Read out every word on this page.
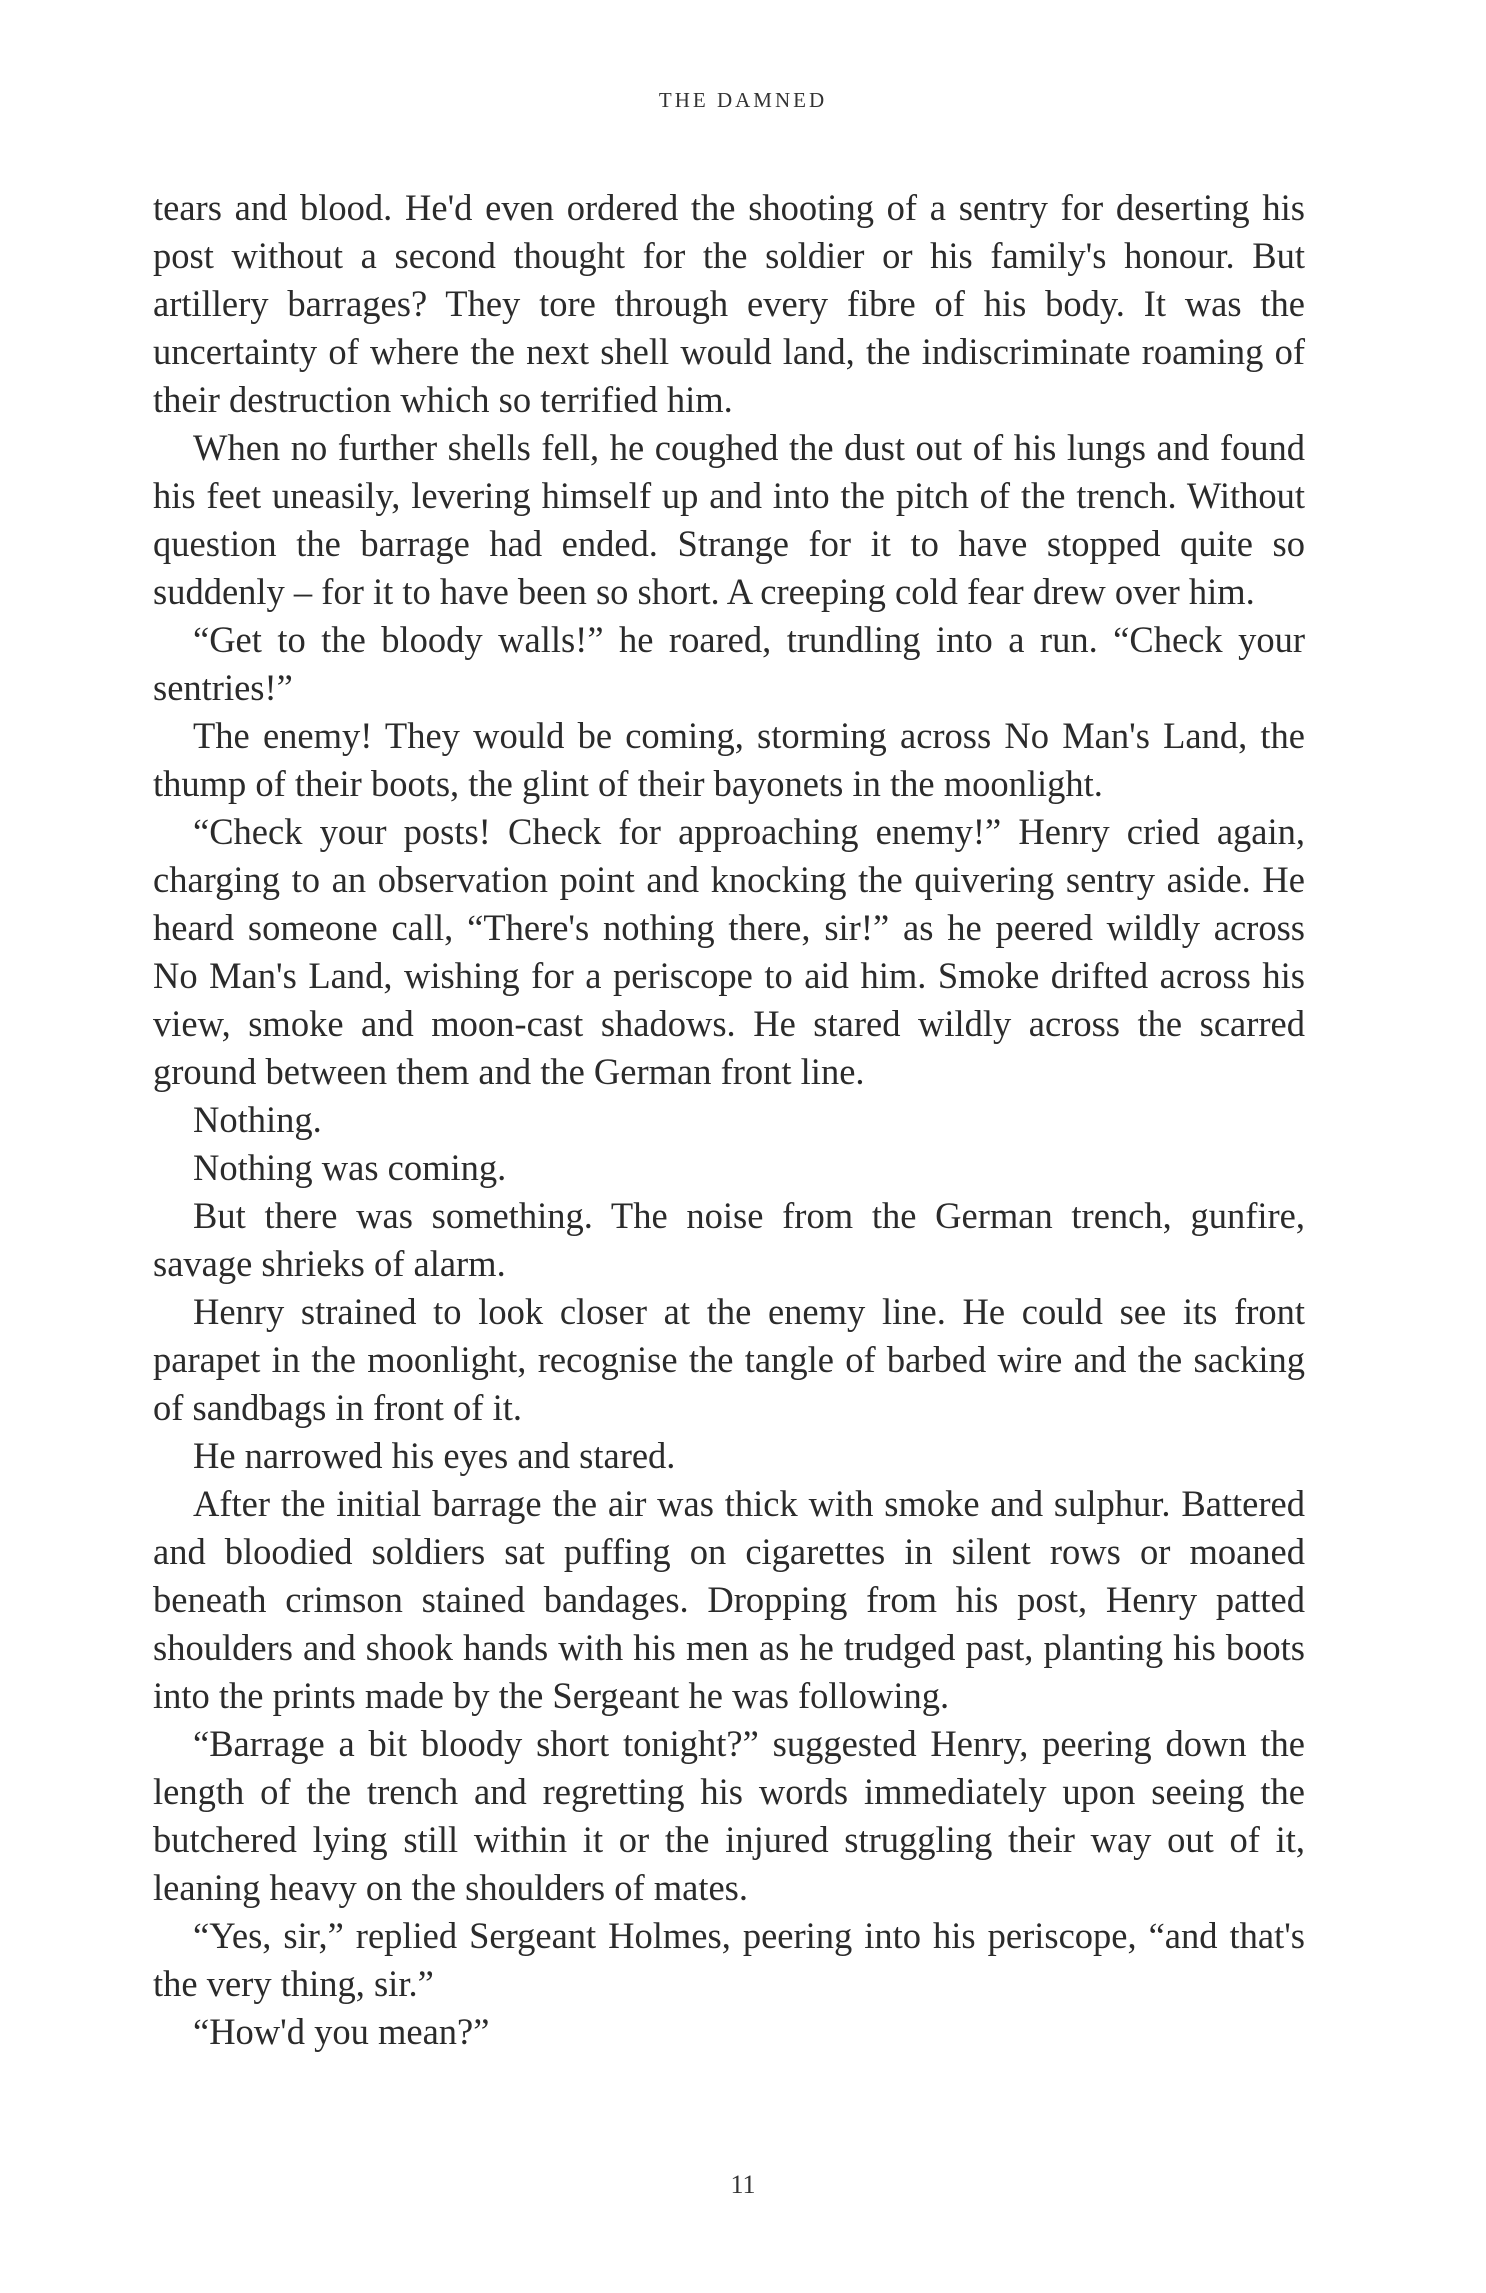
THE DAMNED

tears and blood. He'd even ordered the shooting of a sentry for deserting his post without a second thought for the soldier or his family's honour. But artillery barrages? They tore through every fibre of his body. It was the uncertainty of where the next shell would land, the indiscriminate roaming of their destruction which so terrified him.

When no further shells fell, he coughed the dust out of his lungs and found his feet uneasily, levering himself up and into the pitch of the trench. Without question the barrage had ended. Strange for it to have stopped quite so suddenly – for it to have been so short. A creeping cold fear drew over him.

“Get to the bloody walls!” he roared, trundling into a run. “Check your sentries!”

The enemy! They would be coming, storming across No Man's Land, the thump of their boots, the glint of their bayonets in the moonlight.

“Check your posts! Check for approaching enemy!” Henry cried again, charging to an observation point and knocking the quivering sentry aside. He heard someone call, “There's nothing there, sir!” as he peered wildly across No Man's Land, wishing for a periscope to aid him. Smoke drifted across his view, smoke and moon-cast shadows. He stared wildly across the scarred ground between them and the German front line.

Nothing.

Nothing was coming.

But there was something. The noise from the German trench, gunfire, savage shrieks of alarm.

Henry strained to look closer at the enemy line. He could see its front parapet in the moonlight, recognise the tangle of barbed wire and the sacking of sandbags in front of it.

He narrowed his eyes and stared.

After the initial barrage the air was thick with smoke and sulphur. Battered and bloodied soldiers sat puffing on cigarettes in silent rows or moaned beneath crimson stained bandages. Dropping from his post, Henry patted shoulders and shook hands with his men as he trudged past, planting his boots into the prints made by the Sergeant he was following.

“Barrage a bit bloody short tonight?” suggested Henry, peering down the length of the trench and regretting his words immediately upon seeing the butchered lying still within it or the injured struggling their way out of it, leaning heavy on the shoulders of mates.

“Yes, sir,” replied Sergeant Holmes, peering into his periscope, “and that's the very thing, sir.”

“How'd you mean?”

11
